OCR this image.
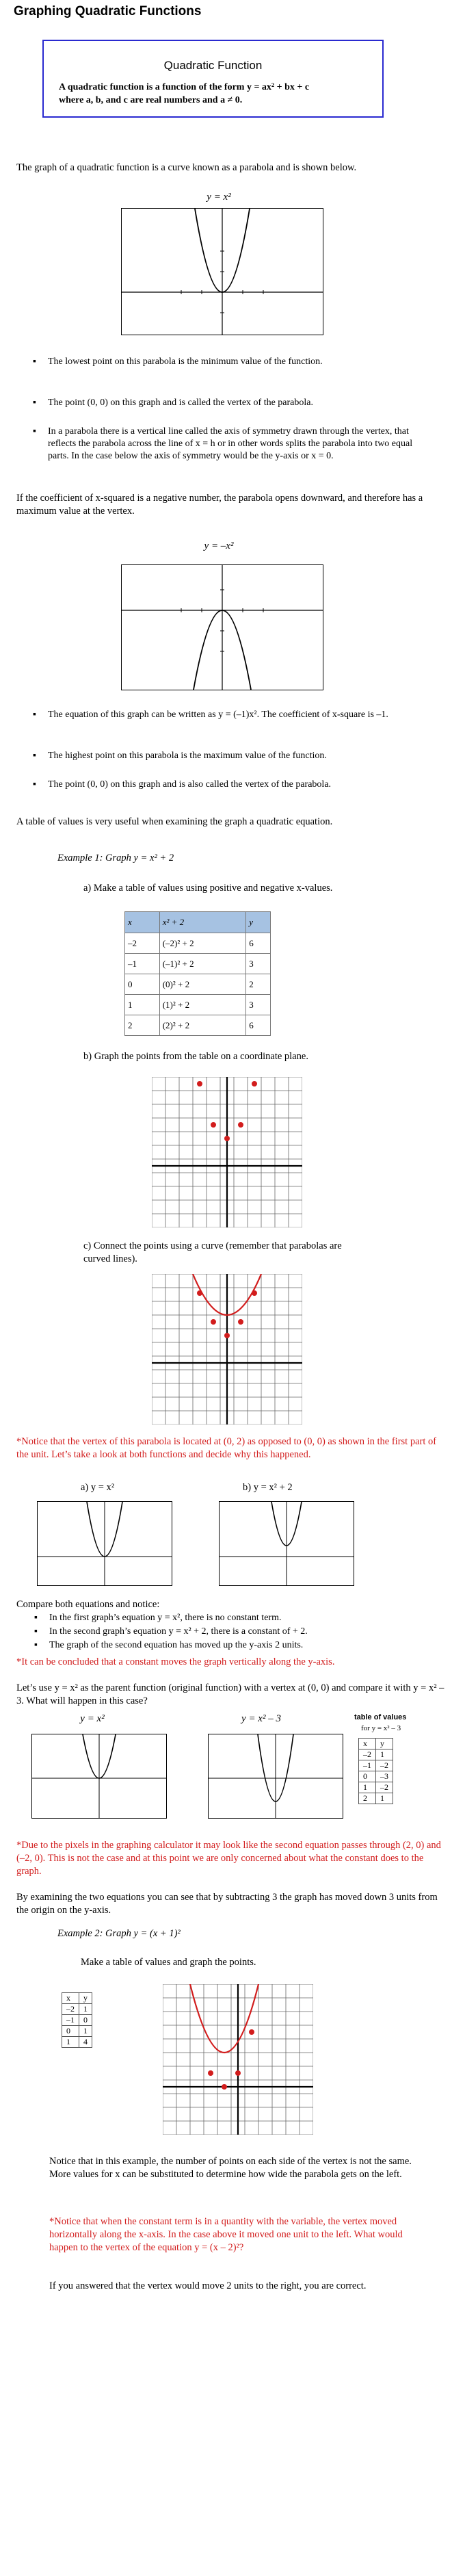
Graphing Quadratic Functions
Quadratic Function
A quadratic function is a function of the form y = ax² + bx + c
where a, b, and c are real numbers and a ≠ 0.

The graph of a quadratic function is a curve known as a parabola and is shown below.

y = x²
▪ The lowest point on this parabola is the minimum value of the function.
▪ The point (0, 0) on this graph and is called the vertex of the parabola.
▪ In a parabola there is a vertical line called the axis of symmetry drawn through the vertex, that reflects the parabola across the line of x = h or in other words splits the parabola into two equal parts. In the case below the axis of symmetry would be the y-axis or x = 0.

If the coefficient of x-squared is a negative number, the parabola opens downward, and therefore has a maximum value at the vertex.

y = –x²
▪ The equation of this graph can be written as y = (–1)x². The coefficient of x-square is –1.
▪ The highest point on this parabola is the maximum value of the function.
▪ The point (0, 0) on this graph and is also called the vertex of the parabola.

A table of values is very useful when examining the graph a quadratic equation.

Example 1: Graph y = x² + 2

a) Make a table of values using positive and negative x-values.

x	x² + 2	y
–2	(–2)² + 2	6
–1	(–1)² + 2	3
0	(0)² + 2	2
1	(1)² + 2	3
2	(2)² + 2	6

b) Graph the points from the table on a coordinate plane.

c) Connect the points using a curve (remember that parabolas are curved lines).

*Notice that the vertex of this parabola is located at (0, 2) as opposed to (0, 0) as shown in the first part of the unit. Let’s take a look at both functions and decide why this happened.

a) y = x²	b) y = x² + 2

Compare both equations and notice:

▪ In the first graph’s equation y = x², there is no constant term.
▪ In the second graph’s equation y = x² + 2, there is a constant of + 2.
▪ The graph of the second equation has moved up the y-axis 2 units.

*It can be concluded that a constant moves the graph vertically along the y-axis.

Let’s use y = x² as the parent function (original function) with a vertex at (0, 0) and compare it with y = x² – 3. What will happen in this case?

y = x²	y = x² – 3	table of values
for y = x² – 3
x	y
–2	1
–1	–2
0	–3
1	–2
2	1

*Due to the pixels in the graphing calculator it may look like the second equation passes through (2, 0) and (–2, 0). This is not the case and at this point we are only concerned about what the constant does to the graph.

By examining the two equations you can see that by subtracting 3 the graph has moved down 3 units from the origin on the y-axis.

Example 2: Graph y = (x + 1)²

Make a table of values and graph the points.

x	y
–2	1
–1	0
0	1
1	4

Notice that in this example, the number of points on each side of the vertex is not the same. More values for x can be substituted to determine how wide the parabola gets on the left.

*Notice that when the constant term is in a quantity with the variable, the vertex moved horizontally along the x-axis. In the case above it moved one unit to the left. What would happen to the vertex of the equation y = (x – 2)²?

If you answered that the vertex would move 2 units to the right, you are correct.
